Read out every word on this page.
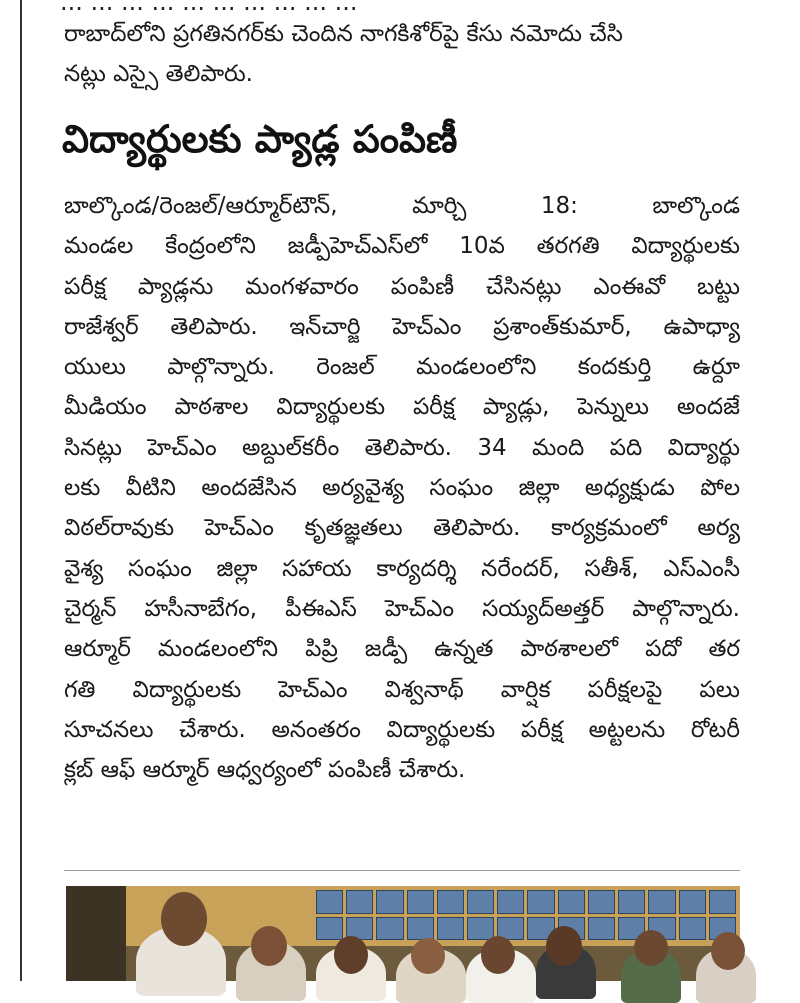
... ... ... ... ... ... ... ... ... ...
రాబాద్‌లోని ప్రగతినగర్‌కు చెందిన నాగకిశోర్‌పై కేసు నమోదు చేసి
నట్లు ఎస్సై తెలిపారు.
విద్యార్థులకు ప్యాడ్ల పంపిణీ
బాల్కొండ/రెంజల్/ఆర్మూర్‌టౌన్, మార్చి 18: బాల్కొండ
మండల కేంద్రంలోని జడ్పీహెచ్‌ఎస్‌లో 10వ తరగతి విద్యార్థులకు
పరీక్ష ప్యాడ్లను మంగళవారం పంపిణీ చేసినట్లు ఎంఈవో బట్టు
రాజేశ్వర్ తెలిపారు. ఇన్‌చార్జి హెచ్‌ఎం ప్రశాంత్‌కుమార్, ఉపాధ్యా
యులు పాల్గొన్నారు. రెంజల్ మండలంలోని కందకుర్తి ఉర్దూ
మీడియం పాఠశాల విద్యార్థులకు పరీక్ష ప్యాడ్లు, పెన్నులు అందజే
సినట్లు హెచ్‌ఎం అబ్దుల్‌కరీం తెలిపారు. 34 మంది పది విద్యార్థు
లకు వీటిని అందజేసిన అర్యవైశ్య సంఘం జిల్లా అధ్యక్షుడు పోల
విఠల్‌రావుకు హెచ్‌ఎం కృతజ్ఞతలు తెలిపారు. కార్యక్రమంలో అర్య
వైశ్య సంఘం జిల్లా సహాయ కార్యదర్శి నరేందర్, సతీశ్, ఎస్‌ఎంసీ
చైర్మన్ హసీనాబేగం, పీఈఎస్ హెచ్‌ఎం సయ్యద్‌అత్తర్ పాల్గొన్నారు.
ఆర్మూర్ మండలంలోని పిప్రి జడ్పీ ఉన్నత పాఠశాలలో పదో తర
గతి విద్యార్థులకు హెచ్‌ఎం విశ్వనాథ్ వార్షిక పరీక్షలపై పలు
సూచనలు చేశారు. అనంతరం విద్యార్థులకు పరీక్ష అట్టలను రోటరీ
క్లబ్ ఆఫ్ ఆర్మూర్ ఆధ్వర్యంలో పంపిణీ చేశారు.
